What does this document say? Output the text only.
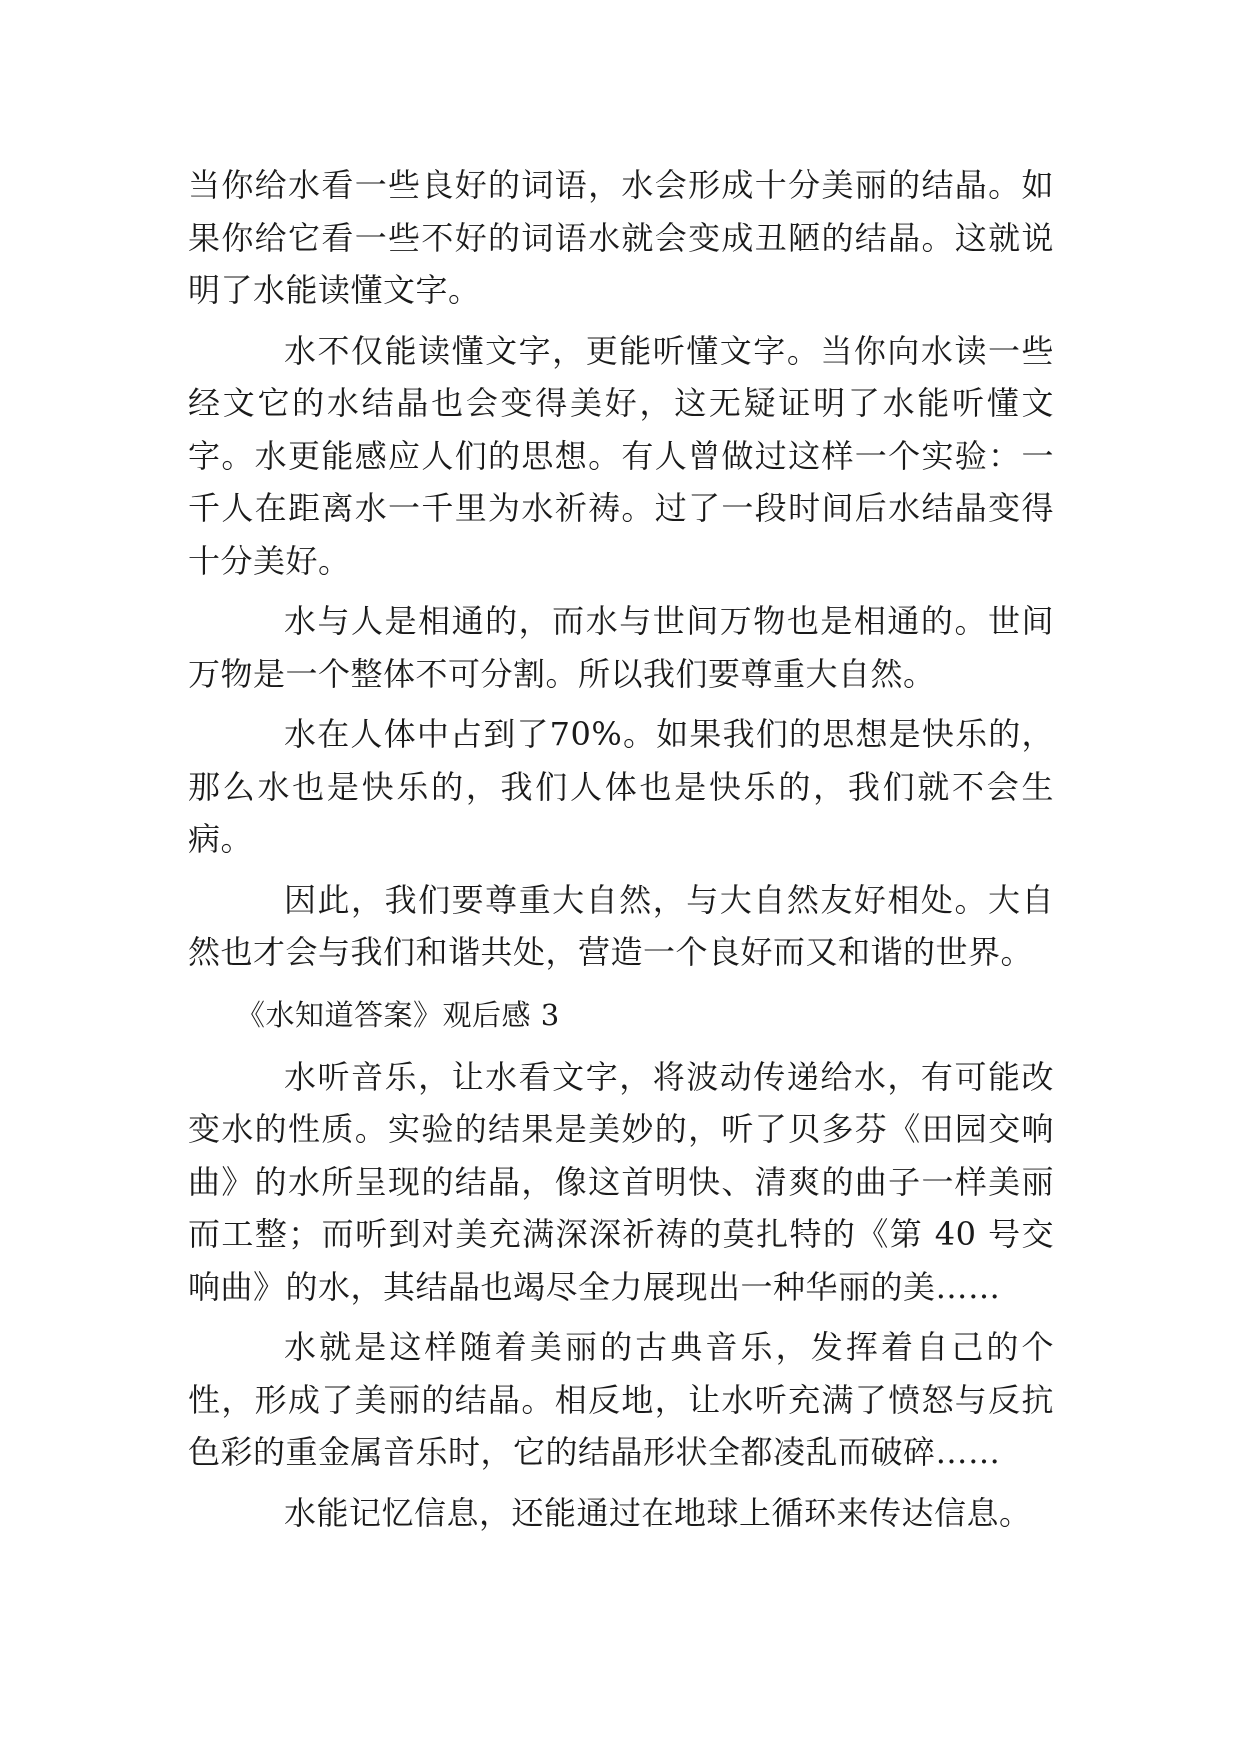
当你给水看一些良好的词语，水会形成十分美丽的结晶。如果你给它看一些不好的词语水就会变成丑陋的结晶。这就说明了水能读懂文字。

水不仅能读懂文字，更能听懂文字。当你向水读一些经文它的水结晶也会变得美好，这无疑证明了水能听懂文字。水更能感应人们的思想。有人曾做过这样一个实验：一千人在距离水一千里为水祈祷。过了一段时间后水结晶变得十分美好。

水与人是相通的，而水与世间万物也是相通的。世间万物是一个整体不可分割。所以我们要尊重大自然。

水在人体中占到了70%。如果我们的思想是快乐的，那么水也是快乐的，我们人体也是快乐的，我们就不会生病。

因此，我们要尊重大自然，与大自然友好相处。大自然也才会与我们和谐共处，营造一个良好而又和谐的世界。

《水知道答案》观后感 3

水听音乐，让水看文字，将波动传递给水，有可能改变水的性质。实验的结果是美妙的，听了贝多芬《田园交响曲》的水所呈现的结晶，像这首明快、清爽的曲子一样美丽而工整；而听到对美充满深深祈祷的莫扎特的《第 40 号交响曲》的水，其结晶也竭尽全力展现出一种华丽的美……

水就是这样随着美丽的古典音乐，发挥着自己的个性，形成了美丽的结晶。相反地，让水听充满了愤怒与反抗色彩的重金属音乐时，它的结晶形状全都凌乱而破碎……

水能记忆信息，还能通过在地球上循环来传达信息。
